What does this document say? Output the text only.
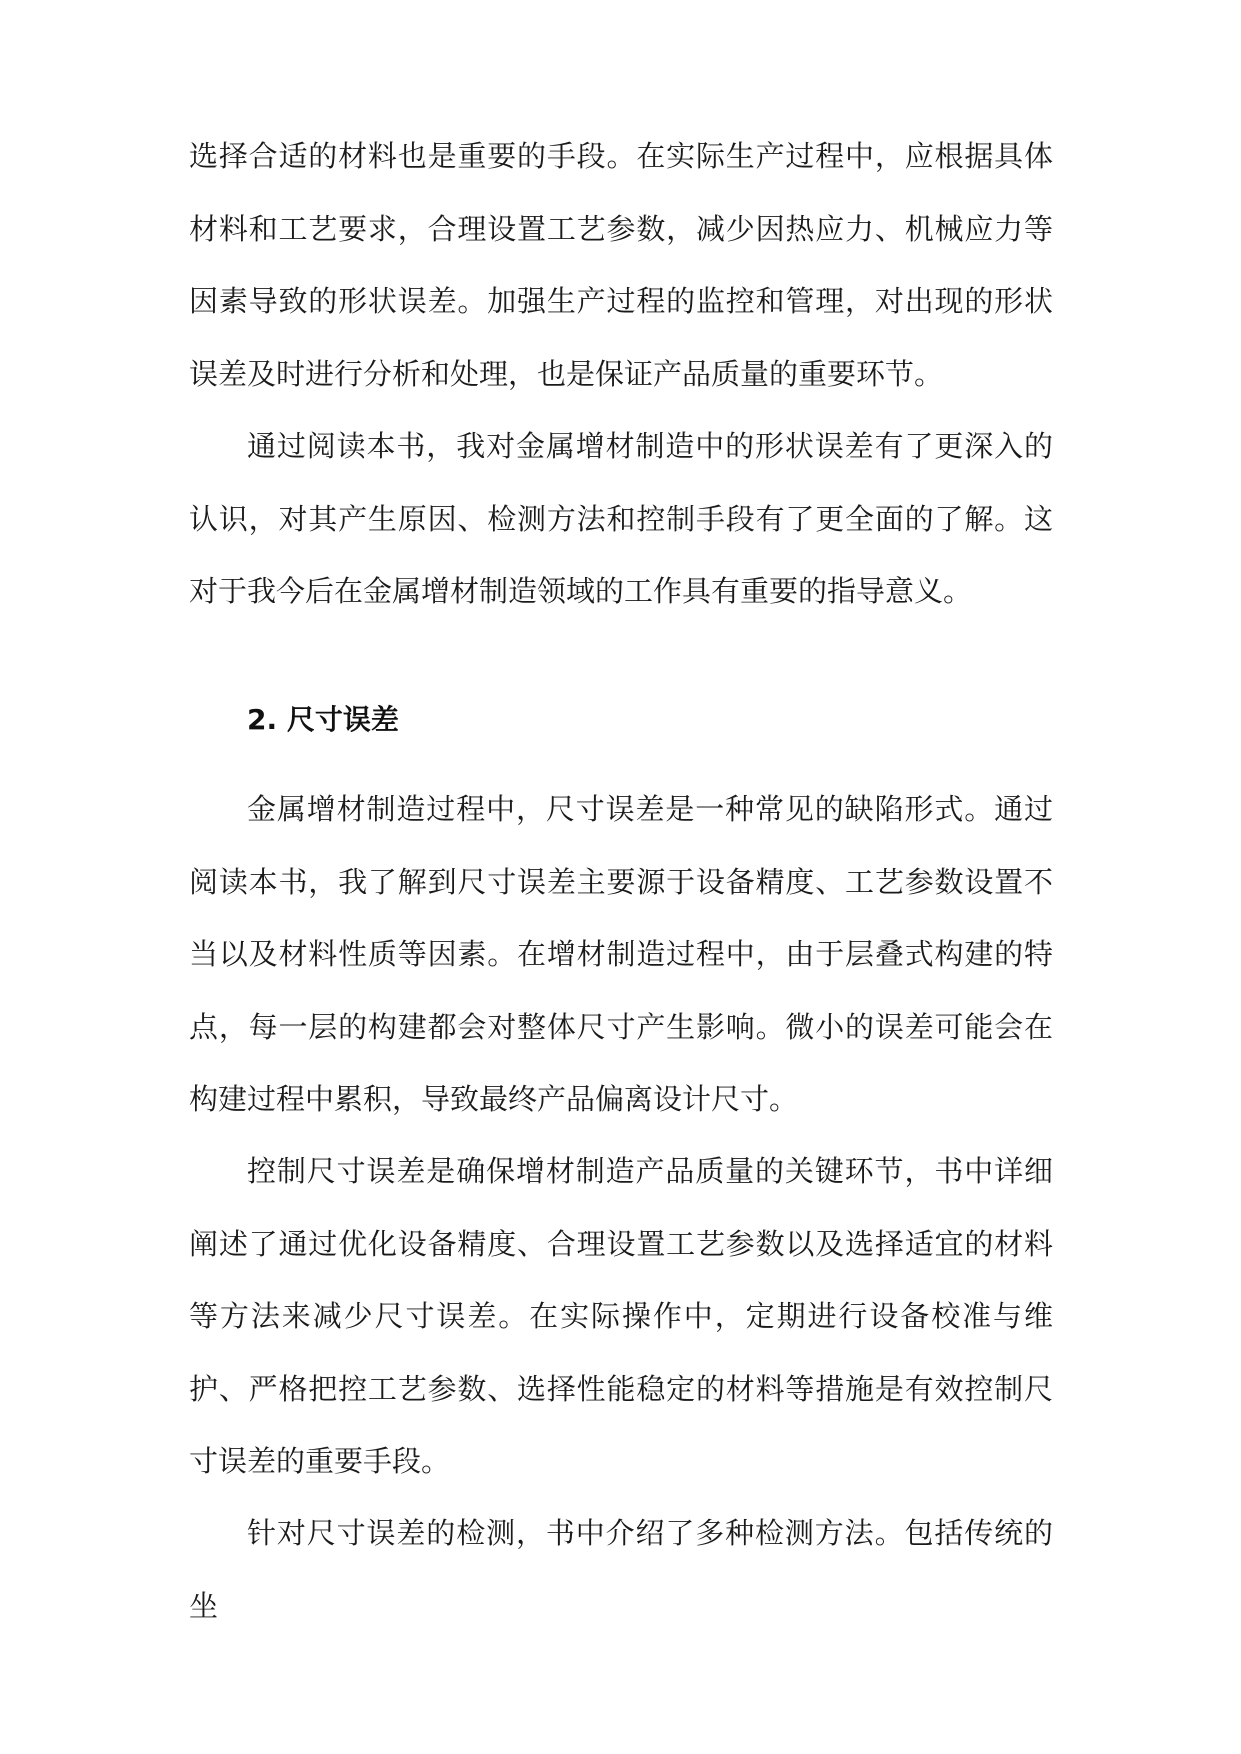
选择合适的材料也是重要的手段。在实际生产过程中，应根据具体材料和工艺要求，合理设置工艺参数，减少因热应力、机械应力等因素导致的形状误差。加强生产过程的监控和管理，对出现的形状误差及时进行分析和处理，也是保证产品质量的重要环节。

通过阅读本书，我对金属增材制造中的形状误差有了更深入的认识，对其产生原因、检测方法和控制手段有了更全面的了解。这对于我今后在金属增材制造领域的工作具有重要的指导意义。

2. 尺寸误差

金属增材制造过程中，尺寸误差是一种常见的缺陷形式。通过阅读本书，我了解到尺寸误差主要源于设备精度、工艺参数设置不当以及材料性质等因素。在增材制造过程中，由于层叠式构建的特点，每一层的构建都会对整体尺寸产生影响。微小的误差可能会在构建过程中累积，导致最终产品偏离设计尺寸。

控制尺寸误差是确保增材制造产品质量的关键环节，书中详细阐述了通过优化设备精度、合理设置工艺参数以及选择适宜的材料等方法来减少尺寸误差。在实际操作中，定期进行设备校准与维护、严格把控工艺参数、选择性能稳定的材料等措施是有效控制尺寸误差的重要手段。

针对尺寸误差的检测，书中介绍了多种检测方法。包括传统的坐
